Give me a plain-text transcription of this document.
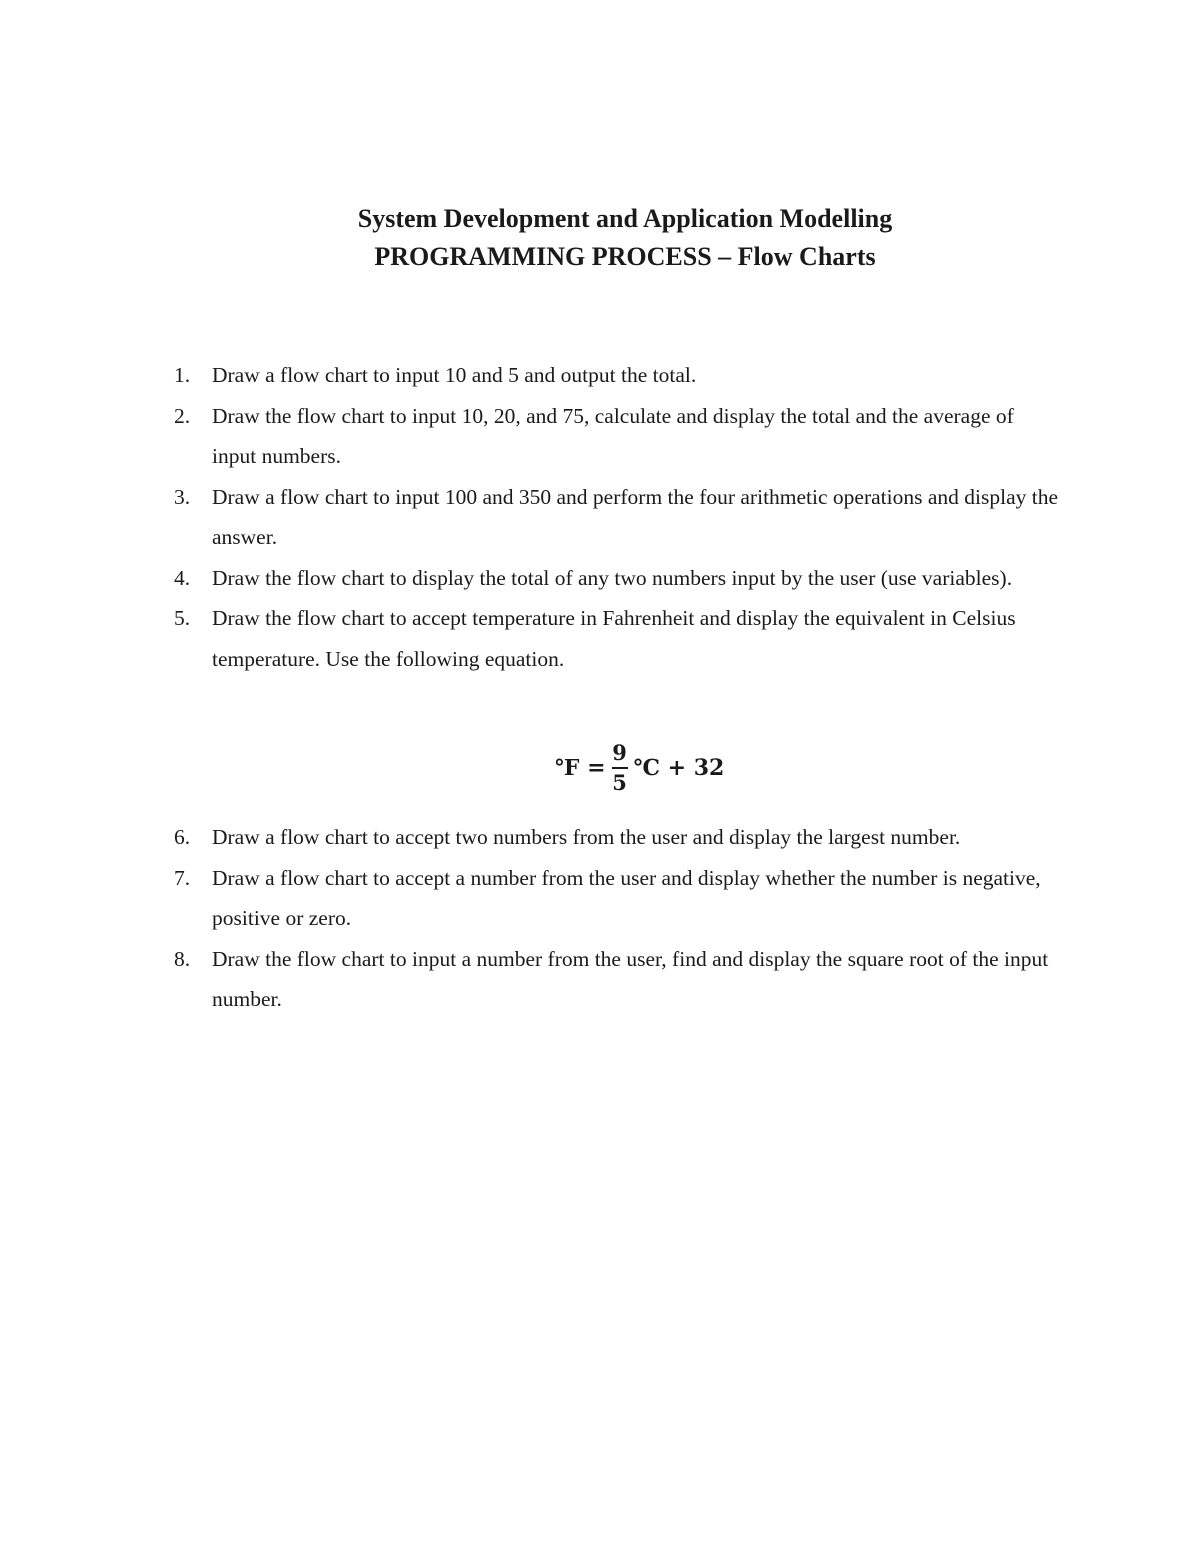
System Development and Application Modelling
PROGRAMMING PROCESS – Flow Charts
1.	Draw a flow chart to input 10 and 5 and output the total.
2.	Draw the flow chart to input 10, 20, and 75, calculate and display the total and the average of input numbers.
3.	Draw a flow chart to input 100 and 350 and perform the four arithmetic operations and display the answer.
4.	Draw the flow chart to display the total of any two numbers input by the user (use variables).
5.	Draw the flow chart to accept temperature in Fahrenheit and display the equivalent in Celsius temperature. Use the following equation.
℉ = $\frac{9}{5}$ ℃ + 32
6.	Draw a flow chart to accept two numbers from the user and display the largest number.
7.	Draw a flow chart to accept a number from the user and display whether the number is negative, positive or zero.
8.	Draw the flow chart to input a number from the user, find and display the square root of the input number.
